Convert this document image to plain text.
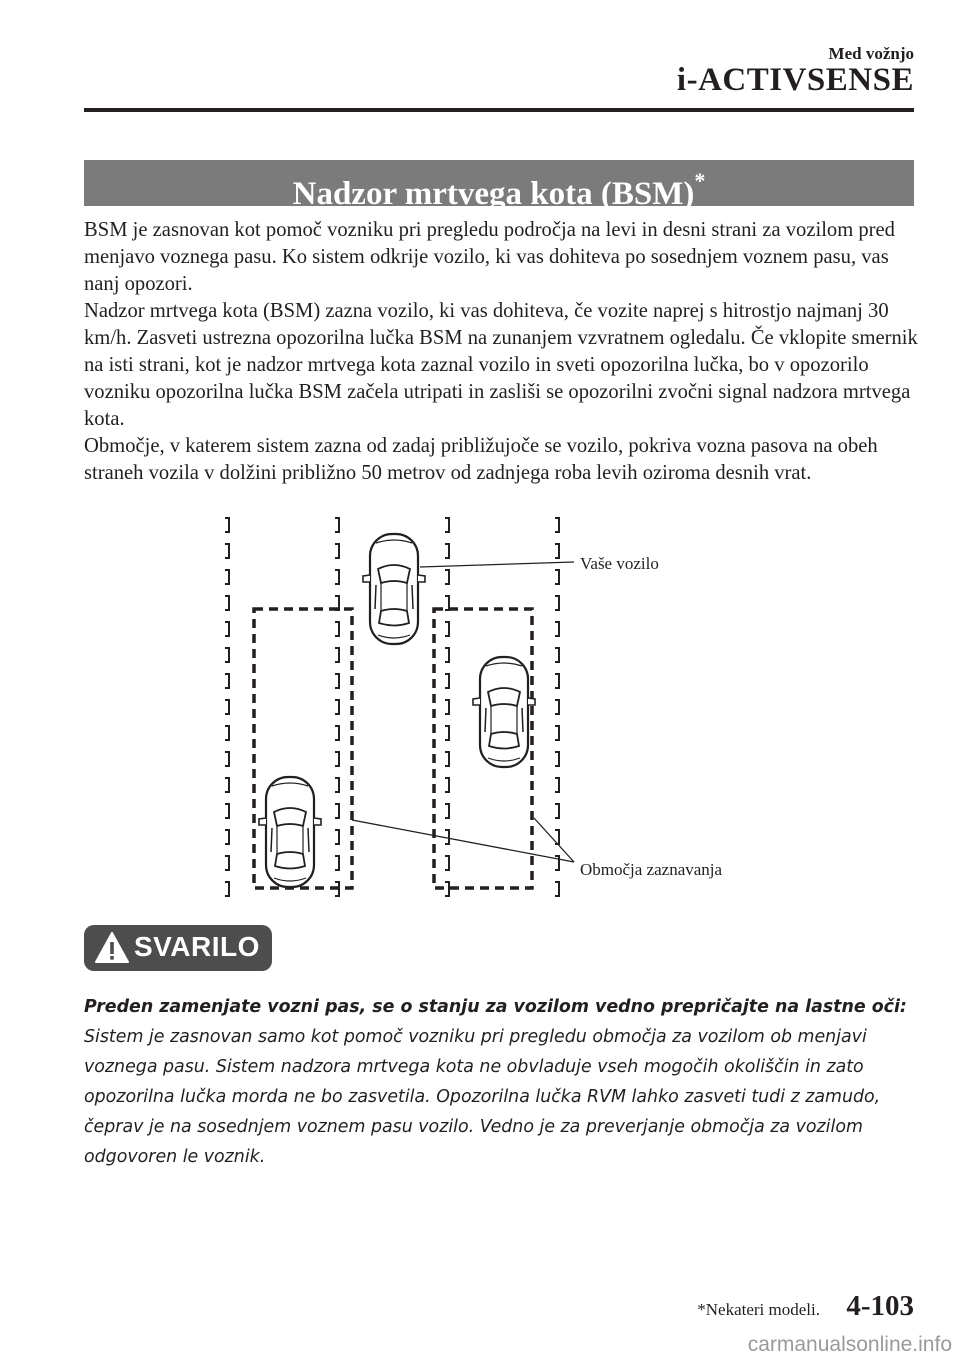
Med vožnjo
i-ACTIVSENSE
Nadzor mrtvega kota (BSM)*

BSM je zasnovan kot pomoč vozniku pri pregledu področja na levi in desni strani za vozilom pred menjavo voznega pasu. Ko sistem odkrije vozilo, ki vas dohiteva po sosednjem voznem pasu, vas nanj opozori.

Nadzor mrtvega kota (BSM) zazna vozilo, ki vas dohiteva, če vozite naprej s hitrostjo najmanj 30 km/h. Zasveti ustrezna opozorilna lučka BSM na zunanjem vzvratnem ogledalu. Če vklopite smernik na isti strani, kot je nadzor mrtvega kota zaznal vozilo in sveti opozorilna lučka, bo v opozorilo vozniku opozorilna lučka BSM začela utripati in zasliši se opozorilni zvočni signal nadzora mrtvega kota.

Območje, v katerem sistem zazna od zadaj približujoče se vozilo, pokriva vozna pasova na obeh straneh vozila v dolžini približno 50 metrov od zadnjega roba levih oziroma desnih vrat.

Vaše vozilo
Območja zaznavanja
SVARILO

Preden zamenjate vozni pas, se o stanju za vozilom vedno prepričajte na lastne oči:

Sistem je zasnovan samo kot pomoč vozniku pri pregledu območja za vozilom ob menjavi voznega pasu. Sistem nadzora mrtvega kota ne obvladuje vseh mogočih okoliščin in zato opozorilna lučka morda ne bo zasvetila. Opozorilna lučka RVM lahko zasveti tudi z zamudo, čeprav je na sosednjem voznem pasu vozilo. Vedno je za preverjanje območja za vozilom odgovoren le voznik.

*Nekateri modeli. 4-103
carmanualsonline.info
